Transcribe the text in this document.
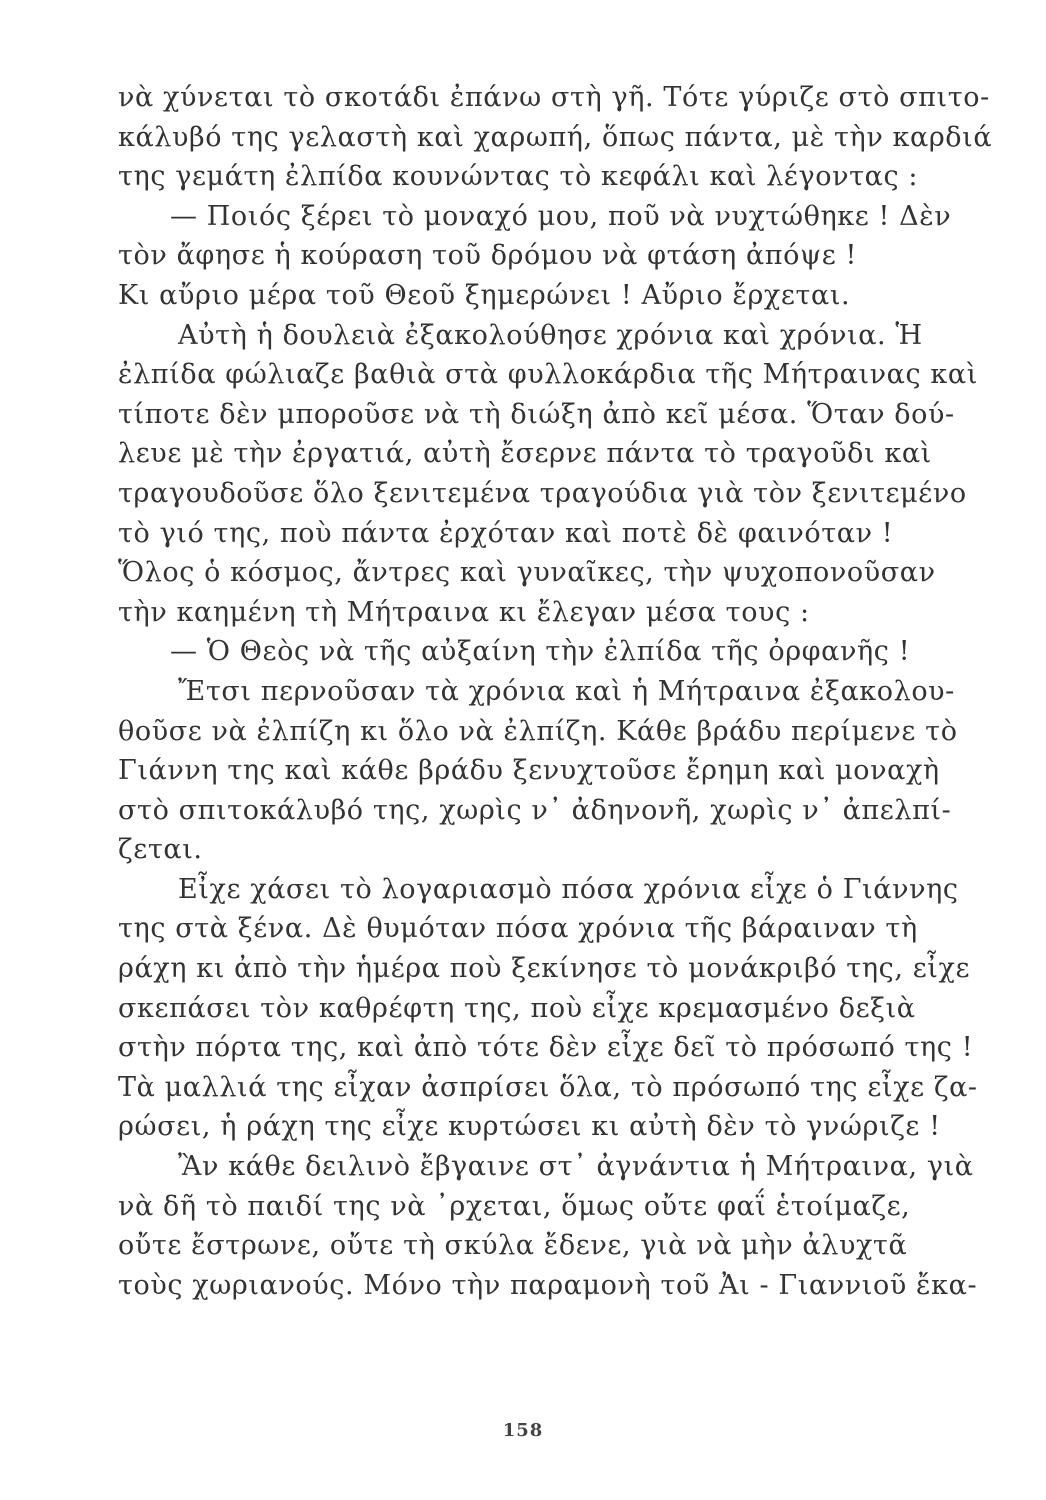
νὰ χύνεται τὸ σκοτάδι ἐπάνω στὴ γῆ. Τότε γύριζε στὸ σπιτο-
κάλυβό της γελαστὴ καὶ χαρωπή, ὅπως πάντα, μὲ τὴν καρδιά
της γεμάτη ἐλπίδα κουνώντας τὸ κεφάλι καὶ λέγοντας :
— Ποιός ξέρει τὸ μοναχό μου, ποῦ νὰ νυχτώθηκε ! Δὲν
τὸν ἄφησε ἡ κούραση τοῦ δρόμου νὰ φτάση ἀπόψε !
Κι αὔριο μέρα τοῦ Θεοῦ ξημερώνει ! Αὔριο ἔρχεται.
Αὐτὴ ἡ δουλειὰ ἐξακολούθησε χρόνια καὶ χρόνια. Ἡ
ἐλπίδα φώλιαζε βαθιὰ στὰ φυλλοκάρδια τῆς Μήτραινας καὶ
τίποτε δὲν μποροῦσε νὰ τὴ διώξη ἀπὸ κεῖ μέσα. Ὅταν δού-
λευε μὲ τὴν ἐργατιά, αὐτὴ ἔσερνε πάντα τὸ τραγοῦδι καὶ
τραγουδοῦσε ὅλο ξενιτεμένα τραγούδια γιὰ τὸν ξενιτεμένο
τὸ γιό της, ποὺ πάντα ἐρχόταν καὶ ποτὲ δὲ φαινόταν !
Ὅλος ὁ κόσμος, ἄντρες καὶ γυναῖκες, τὴν ψυχοπονοῦσαν
τὴν καημένη τὴ Μήτραινα κι ἔλεγαν μέσα τους :
— Ὁ Θεὸς νὰ τῆς αὐξαίνη τὴν ἐλπίδα τῆς ὀρφανῆς !
Ἔτσι περνοῦσαν τὰ χρόνια καὶ ἡ Μήτραινα ἐξακολου-
θοῦσε νὰ ἐλπίζη κι ὅλο νὰ ἐλπίζη. Κάθε βράδυ περίμενε τὸ
Γιάννη της καὶ κάθε βράδυ ξενυχτοῦσε ἔρημη καὶ μοναχὴ
στὸ σπιτοκάλυβό της, χωρὶς ν᾿ ἀδηνονῆ, χωρὶς ν᾿ ἀπελπί-
ζεται.
Εἶχε χάσει τὸ λογαριασμὸ πόσα χρόνια εἶχε ὁ Γιάννης
της στὰ ξένα. Δὲ θυμόταν πόσα χρόνια τῆς βάραιναν τὴ
ράχη κι ἀπὸ τὴν ἡμέρα ποὺ ξεκίνησε τὸ μονάκριβό της, εἶχε
σκεπάσει τὸν καθρέφτη της, ποὺ εἶχε κρεμασμένο δεξιὰ
στὴν πόρτα της, καὶ ἀπὸ τότε δὲν εἶχε δεῖ τὸ πρόσωπό της !
Τὰ μαλλιά της εἶχαν ἀσπρίσει ὅλα, τὸ πρόσωπό της εἶχε ζα-
ρώσει, ἡ ράχη της εἶχε κυρτώσει κι αὐτὴ δὲν τὸ γνώριζε !
Ἂν κάθε δειλινὸ ἔβγαινε στ᾿ ἀγνάντια ἡ Μήτραινα, γιὰ
νὰ δῆ τὸ παιδί της νὰ ᾿ρχεται, ὅμως οὔτε φαΐ ἑτοίμαζε,
οὔτε ἔστρωνε, οὔτε τὴ σκύλα ἔδενε, γιὰ νὰ μὴν ἀλυχτᾶ
τοὺς χωριανούς. Μόνο τὴν παραμονὴ τοῦ Ἀι - Γιαννιοῦ ἔκα-
158
